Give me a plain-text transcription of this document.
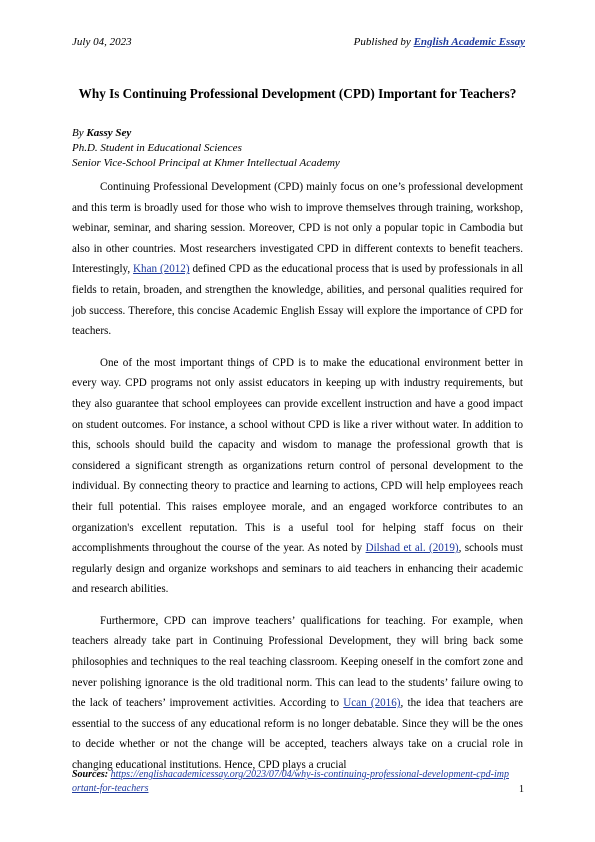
July 04, 2023	Published by English Academic Essay
Why Is Continuing Professional Development (CPD) Important for Teachers?
By Kassy Sey
Ph.D. Student in Educational Sciences
Senior Vice-School Principal at Khmer Intellectual Academy

Continuing Professional Development (CPD) mainly focus on one’s professional development and this term is broadly used for those who wish to improve themselves through training, workshop, webinar, seminar, and sharing session. Moreover, CPD is not only a popular topic in Cambodia but also in other countries. Most researchers investigated CPD in different contexts to benefit teachers. Interestingly, Khan (2012) defined CPD as the educational process that is used by professionals in all fields to retain, broaden, and strengthen the knowledge, abilities, and personal qualities required for job success. Therefore, this concise Academic English Essay will explore the importance of CPD for teachers.

One of the most important things of CPD is to make the educational environment better in every way. CPD programs not only assist educators in keeping up with industry requirements, but they also guarantee that school employees can provide excellent instruction and have a good impact on student outcomes. For instance, a school without CPD is like a river without water. In addition to this, schools should build the capacity and wisdom to manage the professional growth that is considered a significant strength as organizations return control of personal development to the individual. By connecting theory to practice and learning to actions, CPD will help employees reach their full potential. This raises employee morale, and an engaged workforce contributes to an organization's excellent reputation. This is a useful tool for helping staff focus on their accomplishments throughout the course of the year. As noted by Dilshad et al. (2019), schools must regularly design and organize workshops and seminars to aid teachers in enhancing their academic and research abilities.

Furthermore, CPD can improve teachers’ qualifications for teaching. For example, when teachers already take part in Continuing Professional Development, they will bring back some philosophies and techniques to the real teaching classroom. Keeping oneself in the comfort zone and never polishing ignorance is the old traditional norm. This can lead to the students’ failure owing to the lack of teachers’ improvement activities. According to Ucan (2016), the idea that teachers are essential to the success of any educational reform is no longer debatable. Since they will be the ones to decide whether or not the change will be accepted, teachers always take on a crucial role in changing educational institutions. Hence, CPD plays a crucial

Sources: https://englishacademicessay.org/2023/07/04/why-is-continuing-professional-development-cpd-important-for-teachers	1
